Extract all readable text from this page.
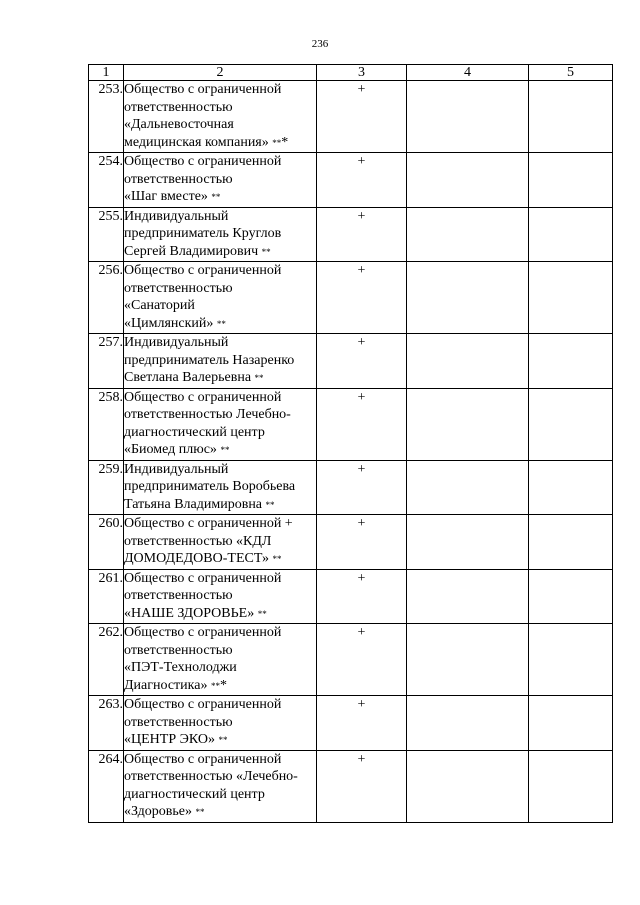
236
1	2	3	4	5
253.	Общество с ограниченной
ответственностью
«Дальневосточная
медицинская компания» ***	+		
254.	Общество с ограниченной
ответственностью
«Шаг вместе» **	+		
255.	Индивидуальный
предприниматель Круглов
Сергей Владимирович **	+		
256.	Общество с ограниченной
ответственностью
«Санаторий
«Цимлянский» **	+		
257.	Индивидуальный
предприниматель Назаренко
Светлана Валерьевна **	+		
258.	Общество с ограниченной
ответственностью Лечебно-
диагностический центр
«Биомед плюс» **	+		
259.	Индивидуальный
предприниматель Воробьева
Татьяна Владимировна **	+		
260.	Общество с ограниченной +
ответственностью «КДЛ
ДОМОДЕДОВО-ТЕСТ» **	+		
261.	Общество с ограниченной
ответственностью
«НАШЕ ЗДОРОВЬЕ» **	+		
262.	Общество с ограниченной
ответственностью
«ПЭТ-Технолоджи
Диагностика» ***	+		
263.	Общество с ограниченной
ответственностью
«ЦЕНТР ЭКО» **	+		
264.	Общество с ограниченной
ответственностью «Лечебно-
диагностический центр
«Здоровье» **	+		
